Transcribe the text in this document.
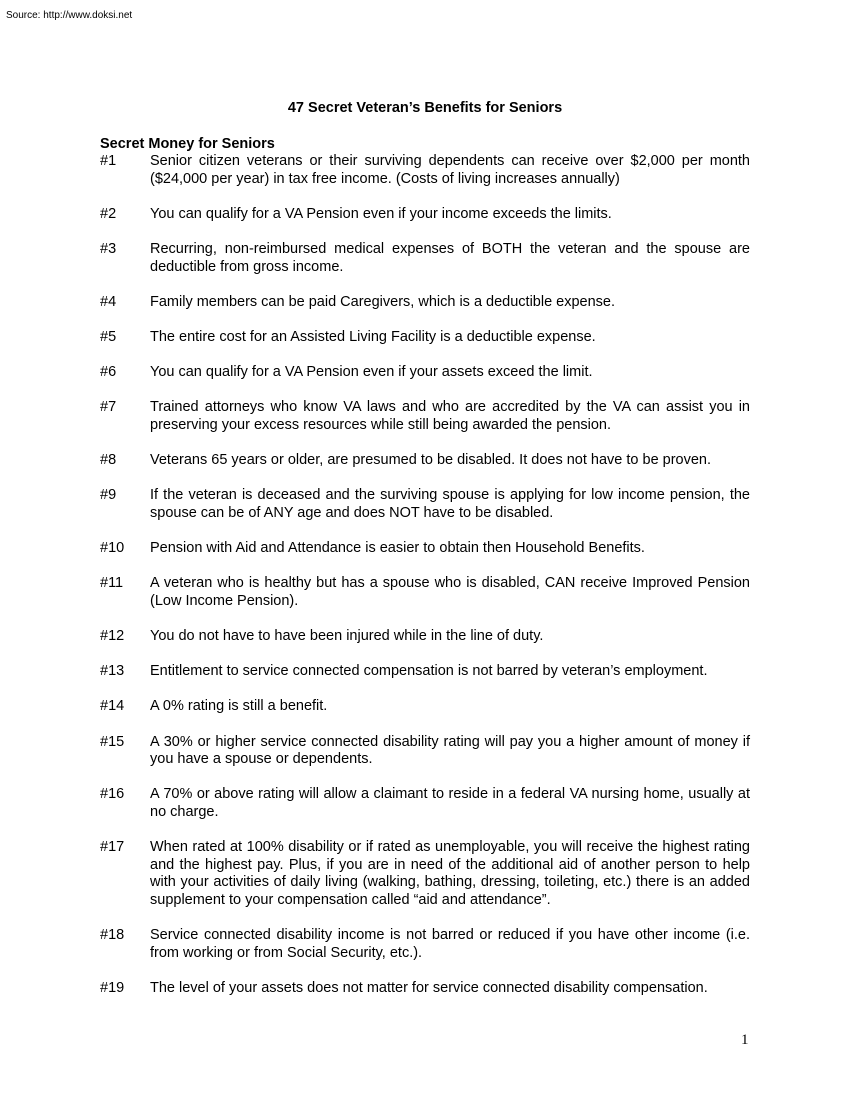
Source: http://www.doksi.net
47 Secret Veteran’s Benefits for Seniors
Secret Money for Seniors
#1	Senior citizen veterans or their surviving dependents can receive over $2,000 per month ($24,000 per year) in tax free income. (Costs of living increases annually)
#2	You can qualify for a VA Pension even if your income exceeds the limits.
#3	Recurring, non-reimbursed medical expenses of BOTH the veteran and the spouse are deductible from gross income.
#4	Family members can be paid Caregivers, which is a deductible expense.
#5	The entire cost for an Assisted Living Facility is a deductible expense.
#6	You can qualify for a VA Pension even if your assets exceed the limit.
#7	Trained attorneys who know VA laws and who are accredited by the VA can assist you in preserving your excess resources while still being awarded the pension.
#8	Veterans 65 years or older, are presumed to be disabled. It does not have to be proven.
#9	If the veteran is deceased and the surviving spouse is applying for low income pension, the spouse can be of ANY age and does NOT have to be disabled.
#10	Pension with Aid and Attendance is easier to obtain then Household Benefits.
#11	A veteran who is healthy but has a spouse who is disabled, CAN receive Improved Pension (Low Income Pension).
#12	You do not have to have been injured while in the line of duty.
#13	Entitlement to service connected compensation is not barred by veteran’s employment.
#14	A 0% rating is still a benefit.
#15	A 30% or higher service connected disability rating will pay you a higher amount of money if you have a spouse or dependents.
#16	A 70% or above rating will allow a claimant to reside in a federal VA nursing home, usually at no charge.
#17	When rated at 100% disability or if rated as unemployable, you will receive the highest rating and the highest pay. Plus, if you are in need of the additional aid of another person to help with your activities of daily living (walking, bathing, dressing, toileting, etc.) there is an added supplement to your compensation called “aid and attendance”.
#18	Service connected disability income is not barred or reduced if you have other income (i.e. from working or from Social Security, etc.).
#19	The level of your assets does not matter for service connected disability compensation.
1
